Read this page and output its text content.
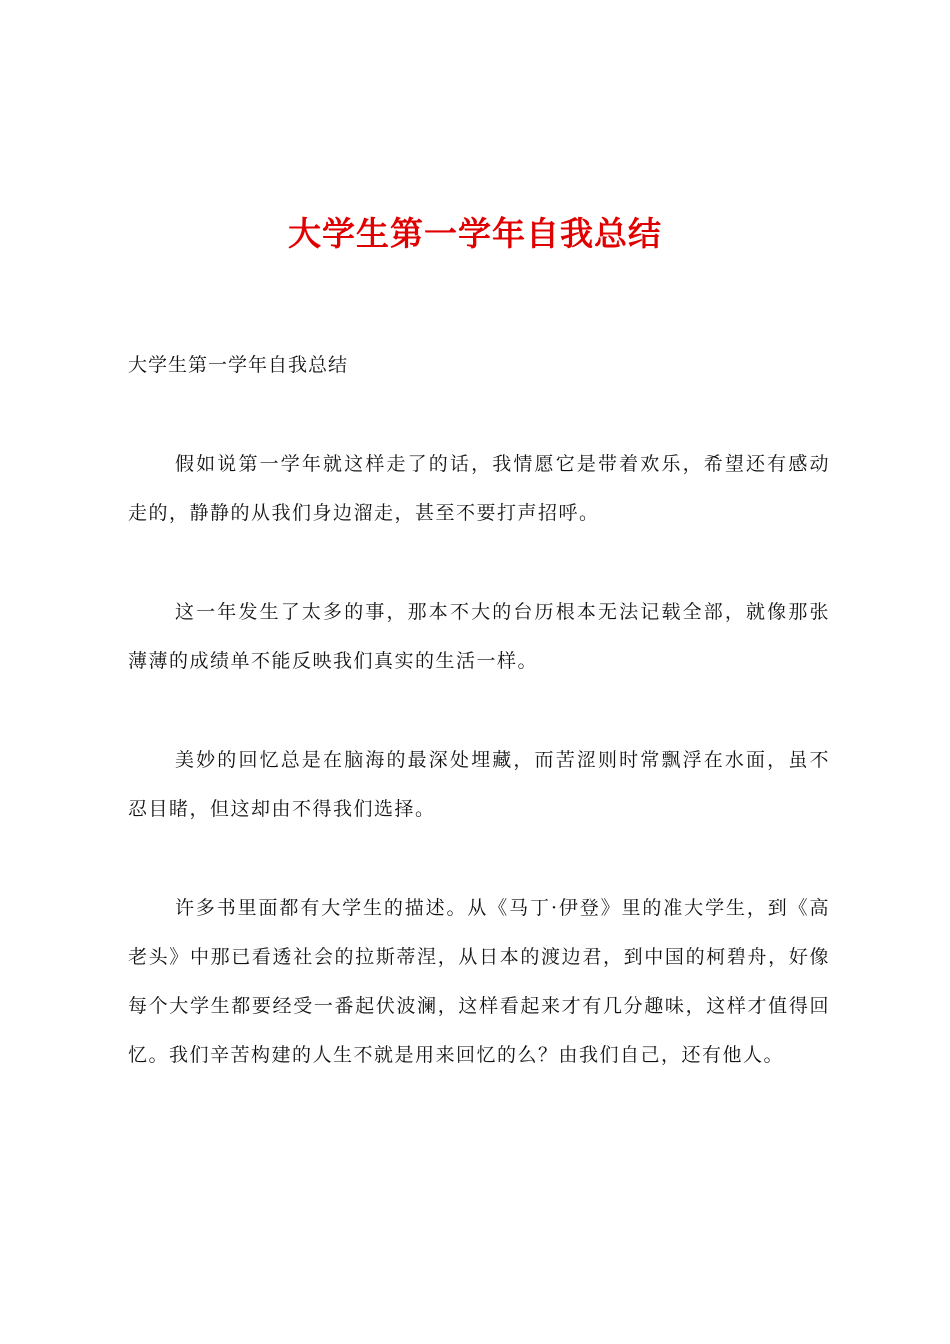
大学生第一学年自我总结

大学生第一学年自我总结

假如说第一学年就这样走了的话，我情愿它是带着欢乐，希望还有感动走的，静静的从我们身边溜走，甚至不要打声招呼。

这一年发生了太多的事，那本不大的台历根本无法记载全部，就像那张薄薄的成绩单不能反映我们真实的生活一样。

美妙的回忆总是在脑海的最深处埋藏，而苦涩则时常飘浮在水面，虽不忍目睹，但这却由不得我们选择。

许多书里面都有大学生的描述。从《马丁·伊登》里的准大学生，到《高老头》中那已看透社会的拉斯蒂涅，从日本的渡边君，到中国的柯碧舟，好像每个大学生都要经受一番起伏波澜，这样看起来才有几分趣味，这样才值得回忆。我们辛苦构建的人生不就是用来回忆的么？由我们自己，还有他人。
